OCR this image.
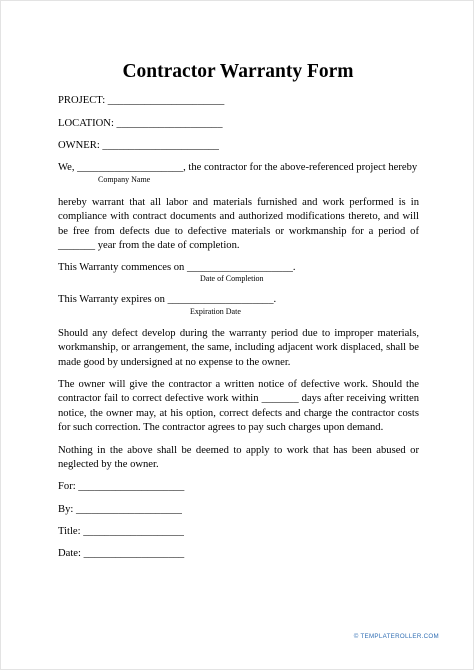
Contractor Warranty Form
PROJECT: ______________________
LOCATION: ____________________
OWNER: ______________________
We, ____________________, the contractor for the above-referenced project hereby
Company Name
hereby warrant that all labor and materials furnished and work performed is in compliance with contract documents and authorized modifications thereto, and will be free from defects due to defective materials or workmanship for a period of _______ year from the date of completion.
This Warranty commences on ____________________.
Date of Completion
This Warranty expires on ____________________.
Expiration Date
Should any defect develop during the warranty period due to improper materials, workmanship, or arrangement, the same, including adjacent work displaced, shall be made good by undersigned at no expense to the owner.
The owner will give the contractor a written notice of defective work. Should the contractor fail to correct defective work within _______ days after receiving written notice, the owner may, at his option, correct defects and charge the contractor costs for such correction. The contractor agrees to pay such charges upon demand.
Nothing in the above shall be deemed to apply to work that has been abused or neglected by the owner.
For: ____________________
By: ____________________
Title: ___________________
Date: ___________________
© TEMPLATEROLLER.COM
